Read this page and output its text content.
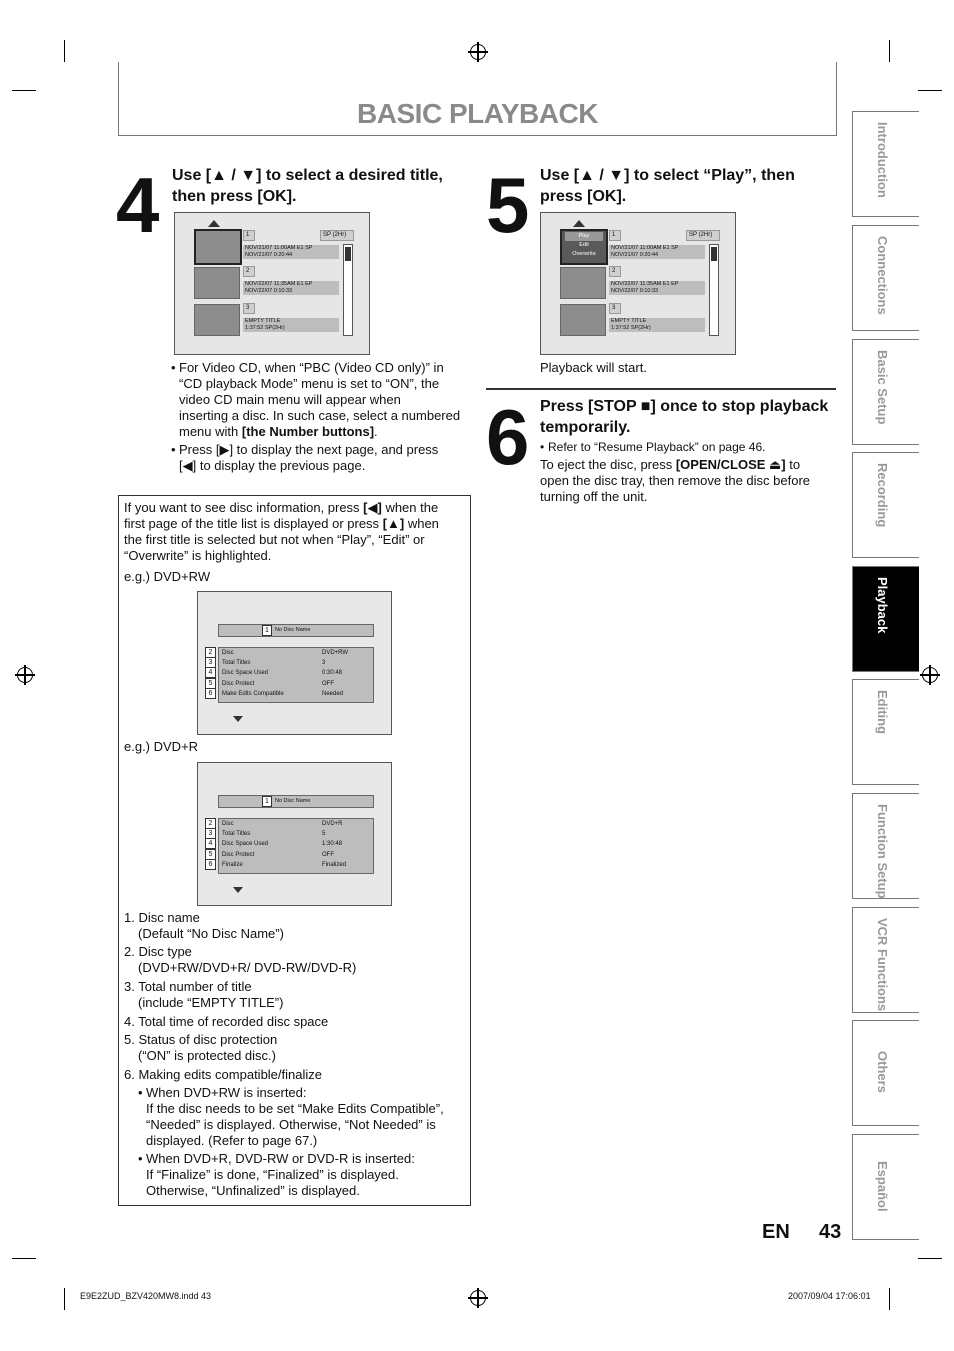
BASIC PLAYBACK
4 Use [▲ / ▼] to select a desired title,
then press [OK].
1	SP (2Hr)
NOV/21/07 11:00AM E1 SP
NOV/21/07 0:20:44
2
NOV/22/07 11:35AM E1 EP
NOV/22/07 0:10:33
3
EMPTY TITLE
1:37:52 SP(2Hr)
• For Video CD, when “PBC (Video CD only)” in
“CD playback Mode” menu is set to “ON”, the
video CD main menu will appear when
inserting a disc. In such case, select a numbered
menu with [the Number buttons].
• Press [▶] to display the next page, and press
[◀] to display the previous page.
5 Use [▲ / ▼] to select “Play”, then
press [OK].
Play
Edit
Overwrite
1	SP (2Hr)
NOV/21/07 11:00AM E1 SP
NOV/21/07 0:20:44
2
NOV/22/07 11:35AM E1 EP
NOV/22/07 0:10:33
3
EMPTY TITLE
1:37:52 SP(2Hr)
Playback will start.
6 Press [STOP ■] once to stop playback
temporarily.
• Refer to “Resume Playback” on page 46.
To eject the disc, press [OPEN/CLOSE ⏏] to
open the disc tray, then remove the disc before
turning off the unit.
If you want to see disc information, press [◀] when the
first page of the title list is displayed or press [▲] when
the first title is selected but not when “Play”, “Edit” or
“Overwrite” is highlighted.
e.g.) DVD+RW
1	No Disc Name
Disc	DVD+RW
Total Titles	3
Disc Space Used	0:30:48
Disc Protect	OFF
Make Edits Compatible	Needed
2
3
4
5
6
e.g.) DVD+R
1	No Disc Name
Disc	DVD+R
Total Titles	5
Disc Space Used	1:30:48
Disc Protect	OFF
Finalize	Finalized
2
3
4
5
6
1. Disc name
(Default “No Disc Name”)
2. Disc type
(DVD+RW/DVD+R/ DVD-RW/DVD-R)
3. Total number of title
(include “EMPTY TITLE”)
4. Total time of recorded disc space
5. Status of disc protection
(“ON” is protected disc.)
6. Making edits compatible/finalize
• When DVD+RW is inserted:
If the disc needs to be set “Make Edits Compatible”,
“Needed” is displayed. Otherwise, “Not Needed” is
displayed. (Refer to page 67.)
• When DVD+R, DVD-RW or DVD-R is inserted:
If “Finalize” is done, “Finalized” is displayed.
Otherwise, “Unfinalized” is displayed.
Introduction
Connections
Basic Setup
Recording
Playback
Editing
Function Setup
VCR Functions
Others
Español
EN 43
E9E2ZUD_BZV420MW8.indd 43	2007/09/04 17:06:01
